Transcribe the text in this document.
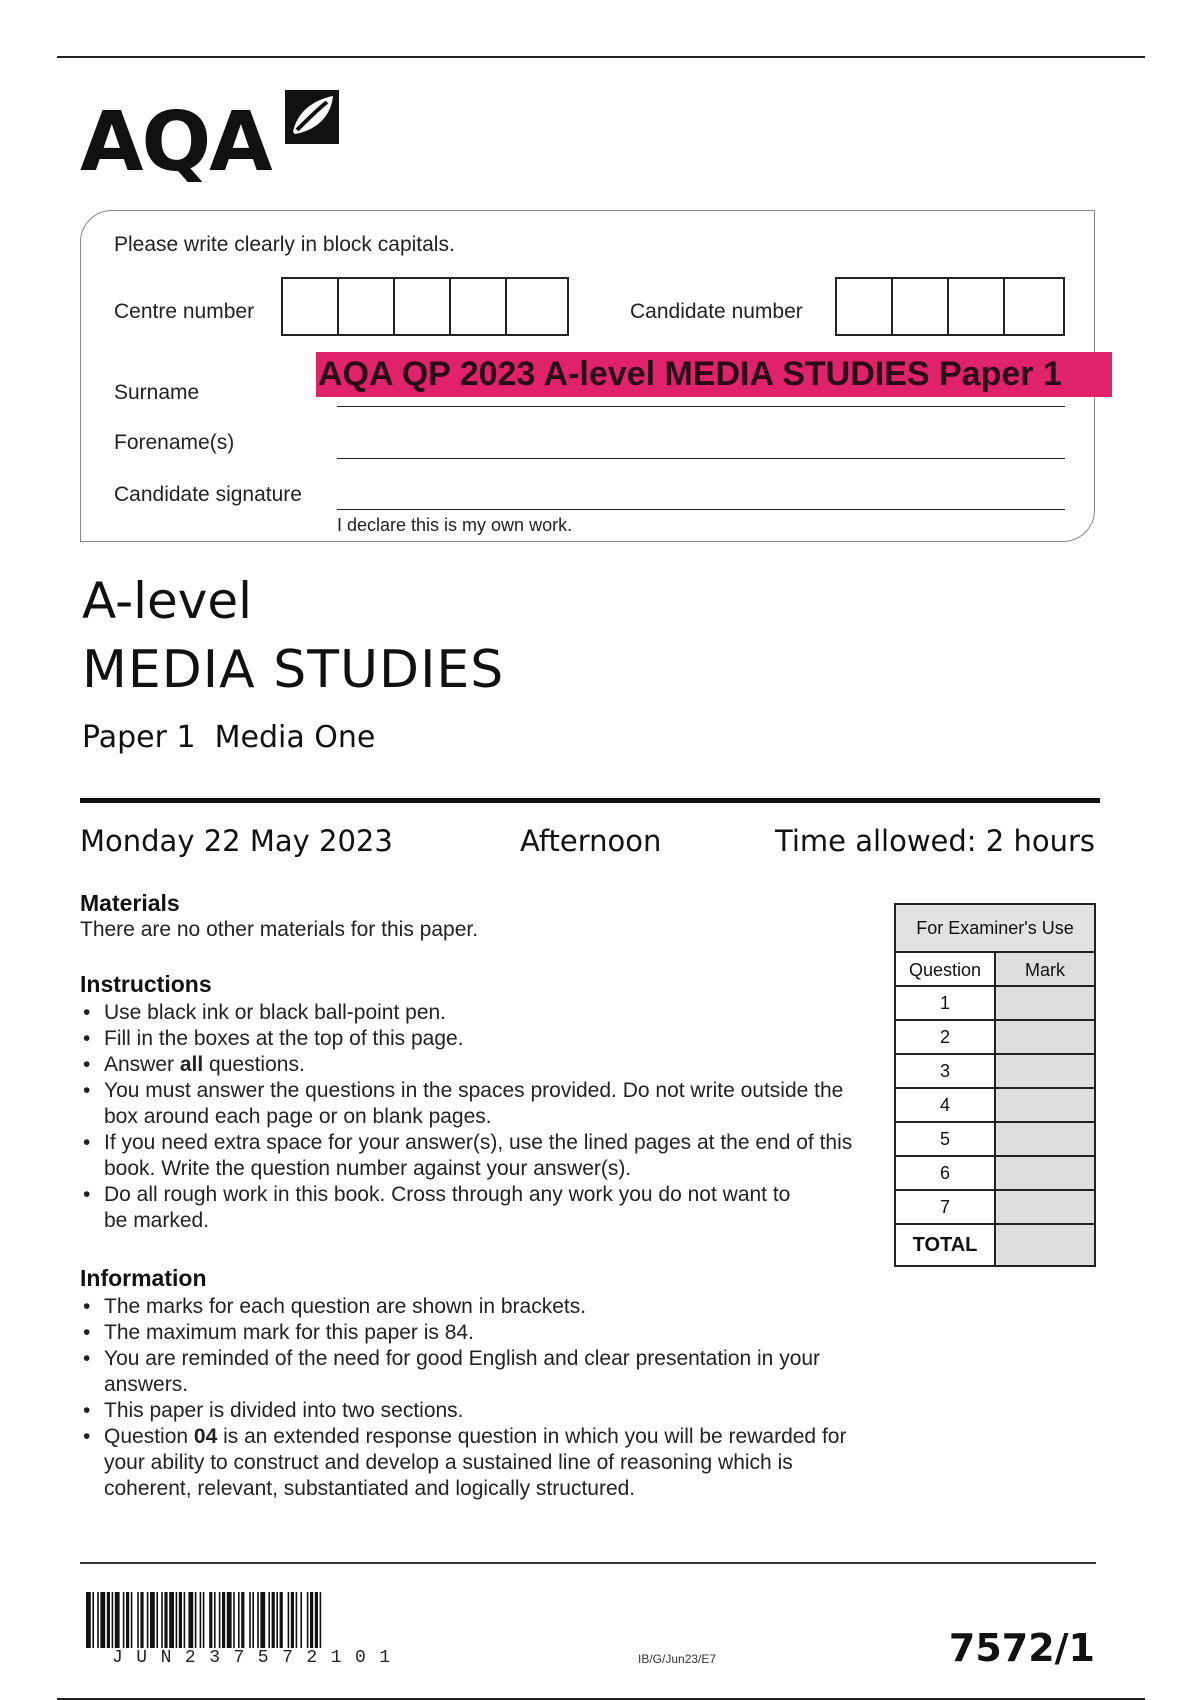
AQA
Please write clearly in block capitals.
Centre number	Candidate number
AQA QP 2023 A-level MEDIA STUDIES Paper 1
Surname
Forename(s)
Candidate signature
I declare this is my own work.
A-level
MEDIA STUDIES
Paper 1  Media One
Monday 22 May 2023	Afternoon	Time allowed: 2 hours
Materials
There are no other materials for this paper.
Instructions
• Use black ink or black ball-point pen.
• Fill in the boxes at the top of this page.
• Answer all questions.
• You must answer the questions in the spaces provided. Do not write outside the box around each page or on blank pages.
• If you need extra space for your answer(s), use the lined pages at the end of this book. Write the question number against your answer(s).
• Do all rough work in this book. Cross through any work you do not want to be marked.
Information
• The marks for each question are shown in brackets.
• The maximum mark for this paper is 84.
• You are reminded of the need for good English and clear presentation in your answers.
• This paper is divided into two sections.
• Question 04 is an extended response question in which you will be rewarded for your ability to construct and develop a sustained line of reasoning which is coherent, relevant, substantiated and logically structured.
For Examiner's Use
Question	Mark
1
2
3
4
5
6
7
TOTAL
JUN237572101	IB/G/Jun23/E7	7572/1
